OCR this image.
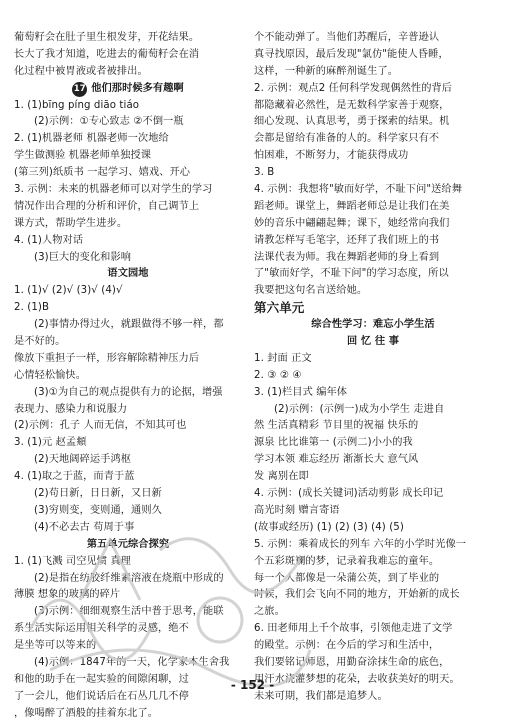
葡萄籽会在肚子里生根发芽，开花结果。
长大了我才知道，吃进去的葡萄籽会在消
化过程中被胃液或者被排出。
17 他们那时候多有趣啊
1. (1)bīng píng diāo tiáo
(2)示例：①专心致志 ②不倒一瓶
2. (1)机器老师 机器老师一次地给
学生做测验 机器老师单独授课
(第三列)纸质书 一起学习、嬉戏、开心
3. 示例：未来的机器老师可以对学生的学习
情况作出合理的分析和评价，自己调节上
课方式，帮助学生进步。
4. (1)人物对话
(3)巨大的变化和影响
语文园地
1. (1)√ (2)√ (3)√ (4)√
2. (1)B
(2)事情办得过火，就跟做得不够一样，都
是不好的。
像放下重担子一样，形容解除精神压力后
心情轻松愉快。
(3)①为自己的观点提供有力的论据，增强
表现力、感染力和说服力
(2)示例：孔子 人而无信，不知其可也
3. (1)元 赵孟頫
(2)天地阔碎运手鸿枢
4. (1)取之于蓝，而青于蓝
(2)苟日新，日日新，又日新
(3)穷则变，变则通，通则久
(4)不必去古 苟周于事
第五单元综合探究
1. (1)飞溅 司空见惯 真理
(2)是指在纺胶纤维素溶液在烧瓶中形成的
薄膜 想象的玻璃的碎片
(3)示例：细细观察生活中普于思考，能联
系生活实际运用相关科学的灵感，绝不
是坐等可以等来的
(4)示例：1847年的一天，化学家本生舍我
和他的助手在一起实验的间隙闲聊，过
了一会儿，他们说话后在石丛几几不停
，像喝醉了酒般的挂着东北了。
个不能动弹了。当他们苏醒后，辛普逊认
真寻找原因，最后发现"氯仿"能使人昏睡，
这样，一种新的麻醉剂诞生了。
2. 示例：观点2 任何科学发现偶然性的背后
都隐藏着必然性，是无数科学家善于观察，
细心发现、认真思考，勇于探索的结果。机
会都是留给有准备的人的。科学家只有不
怕困难，不断努力，才能获得成功
3. B
4. 示例：我想将"敏而好学，不耻下问"送给舞
蹈老师。课堂上，舞蹈老师总是让我们在美
妙的音乐中翩翩起舞；课下，她经常向我们
请教怎样写毛笔字，还拜了我们班上的书
法课代表为师。我在舞蹈老师的身上看到
了"敏而好学，不耻下问"的学习态度，所以
我要把这句名言送给她。
第六单元
综合性学习：难忘小学生活
回 忆 往 事
1. 封面 正文
2. ③ ② ④
3. (1)栏目式 编年体
(2)示例：(示例一)成为小学生 走进自
然 生活真精彩 节目里的祝福 快乐的
源泉 比比谁第一 (示例二)小小的我
学习本领 难忘经历 渐渐长大 意气风
发 离别在即
4. 示例：(成长关键词)活动剪影 成长印记
高光时刻 赠言寄语
(故事或经历) (1) (2) (3) (4) (5)
5. 示例：乘着成长的列车 六年的小学时光像一
个五彩斑斓的梦，记录着我难忘的童年。
每一个人都像是一朵蒲公英，到了毕业的
时候，我们会飞向不同的地方，开始新的成长
之旅。
6. 田老师用上千个故事，引领他走进了文学
的殿堂。示例：在今后的学习和生活中，
我们要铭记师恩，用勤奋涂抹生命的底色，
用汗水浇灌梦想的花朵，去收获美好的明天。
未来可期，我们都是追梦人。
- 152 -
